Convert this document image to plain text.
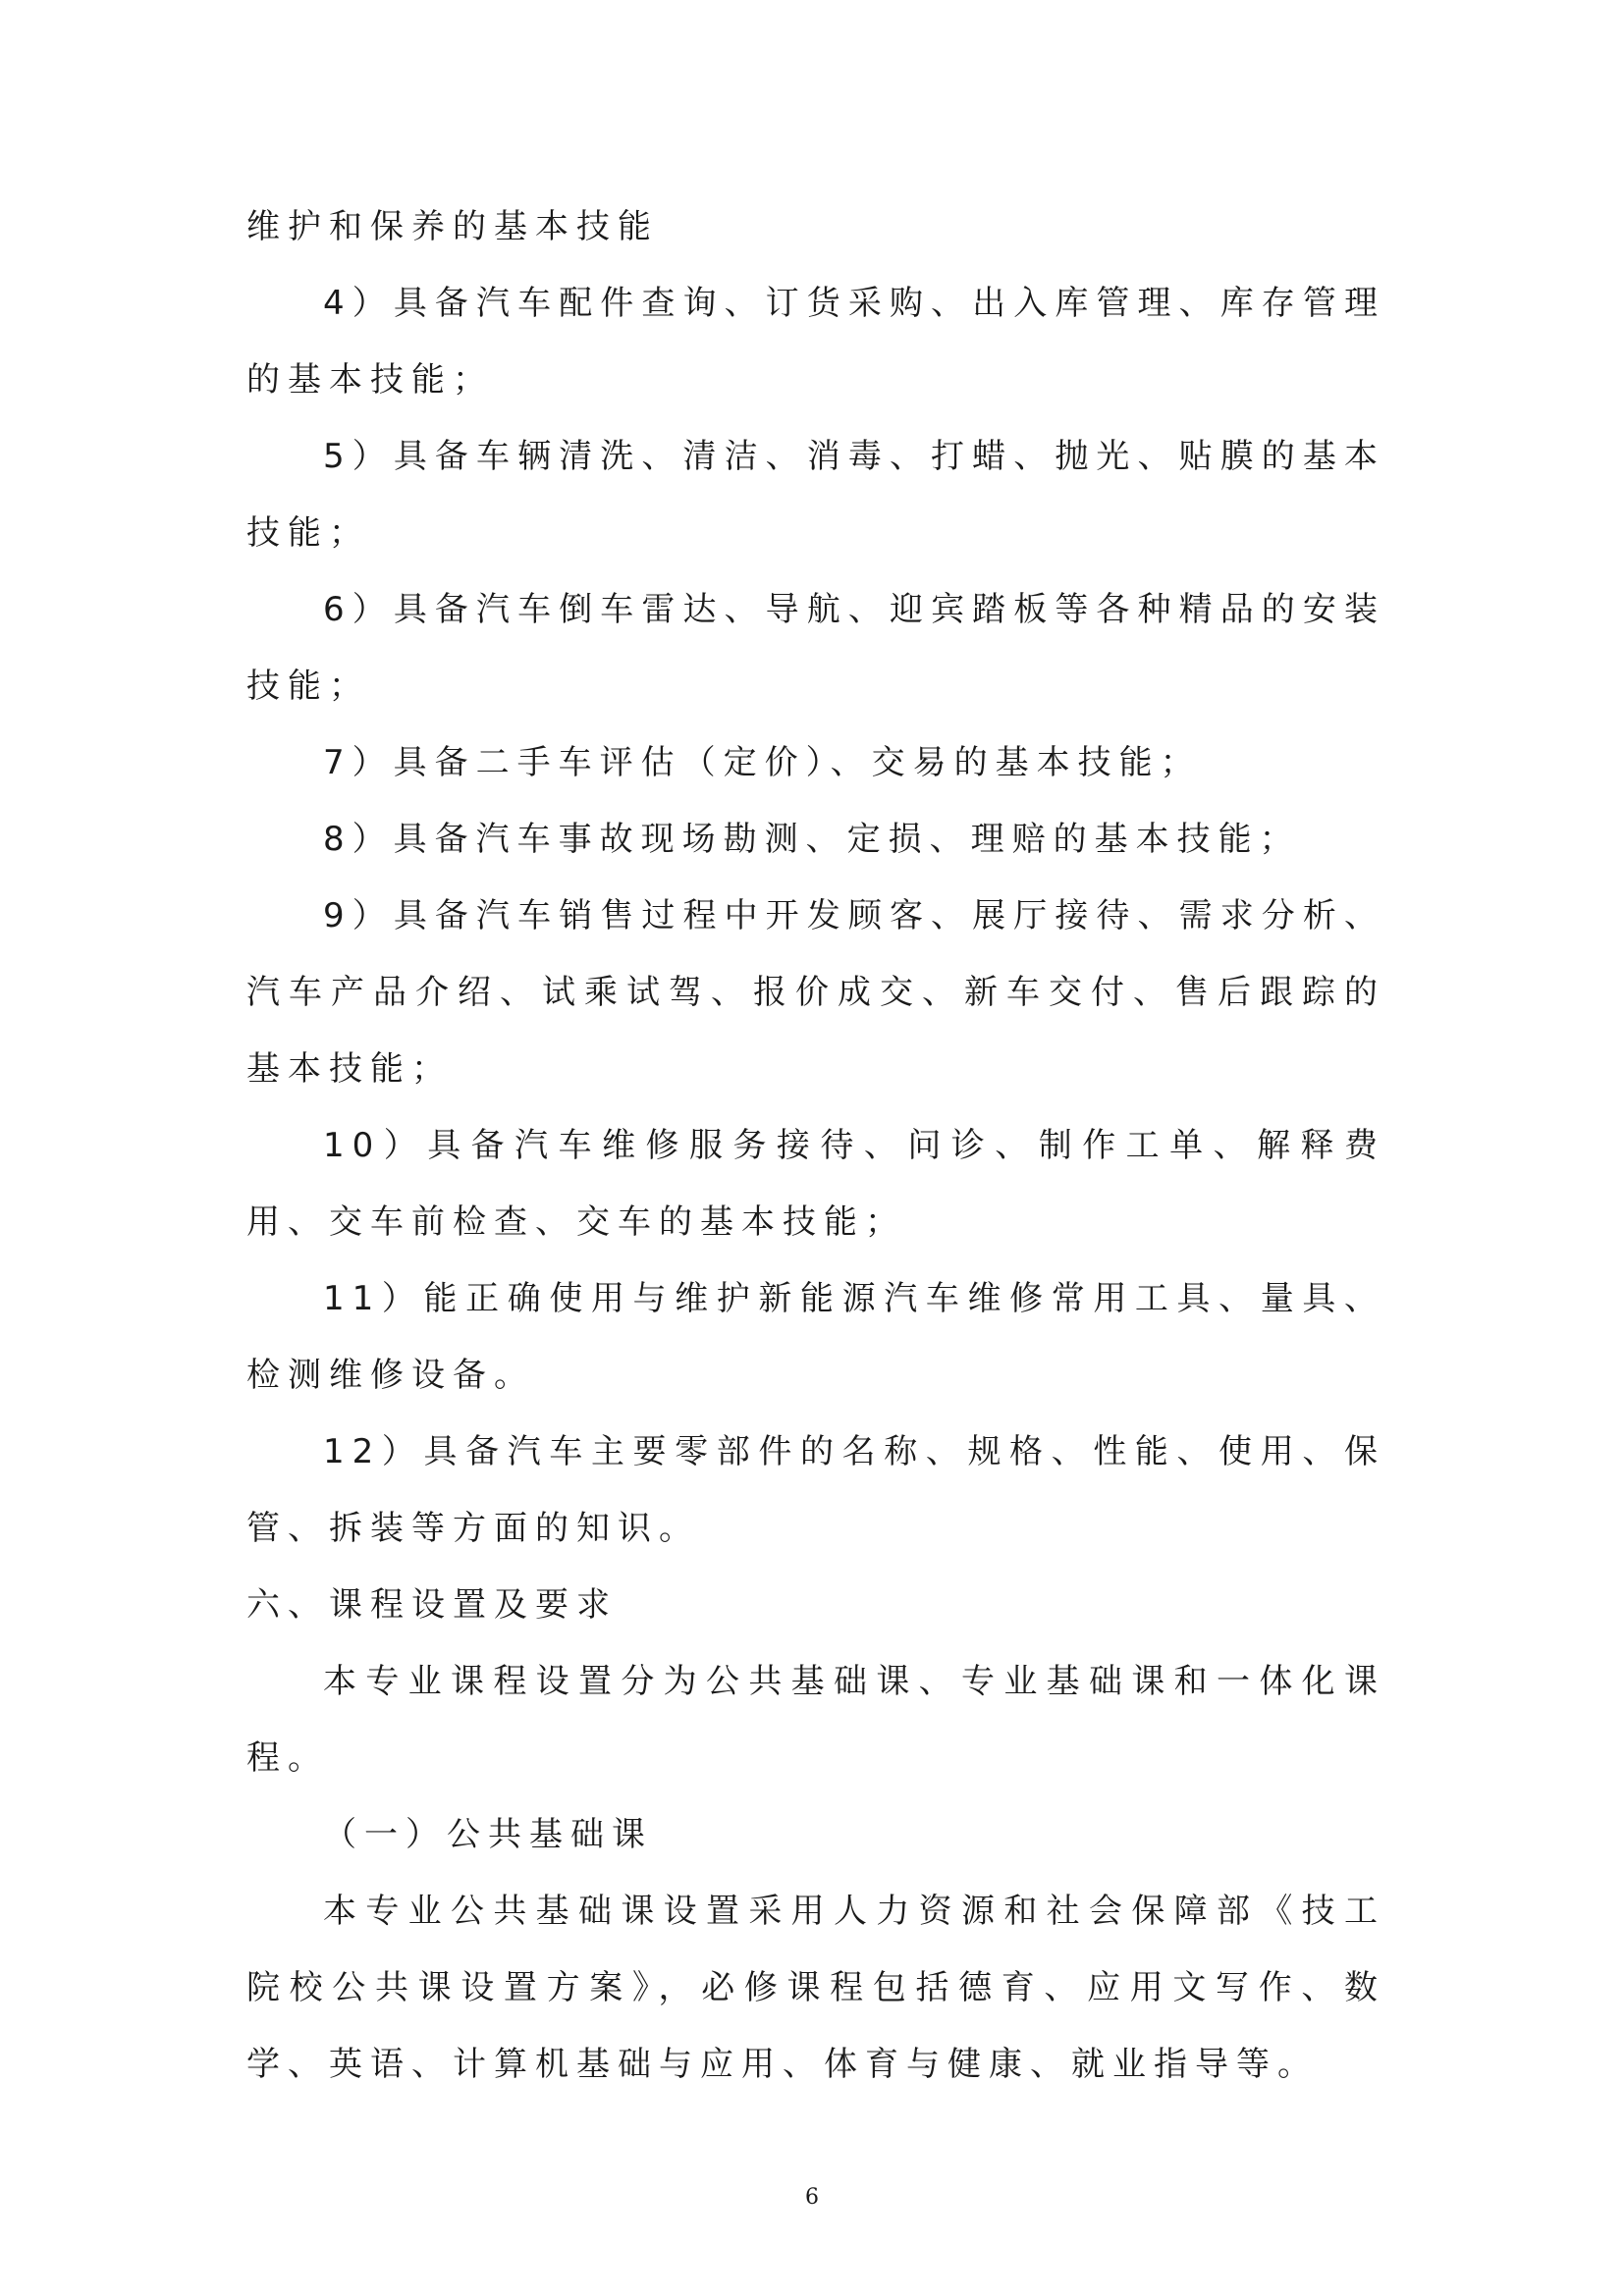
维护和保养的基本技能

4）具备汽车配件查询、订货采购、出入库管理、库存管理的基本技能；

5）具备车辆清洗、清洁、消毒、打蜡、抛光、贴膜的基本技能；

6）具备汽车倒车雷达、导航、迎宾踏板等各种精品的安装技能；

7）具备二手车评估（定价）、交易的基本技能；

8）具备汽车事故现场勘测、定损、理赔的基本技能；

9）具备汽车销售过程中开发顾客、展厅接待、需求分析、汽车产品介绍、试乘试驾、报价成交、新车交付、售后跟踪的基本技能；

10）具备汽车维修服务接待、问诊、制作工单、解释费用、交车前检查、交车的基本技能；

11）能正确使用与维护新能源汽车维修常用工具、量具、检测维修设备。

12）具备汽车主要零部件的名称、规格、性能、使用、保管、拆装等方面的知识。

六、课程设置及要求

本专业课程设置分为公共基础课、专业基础课和一体化课程。

（一）公共基础课

本专业公共基础课设置采用人力资源和社会保障部《技工院校公共课设置方案》，必修课程包括德育、应用文写作、数学、英语、计算机基础与应用、体育与健康、就业指导等。

6
